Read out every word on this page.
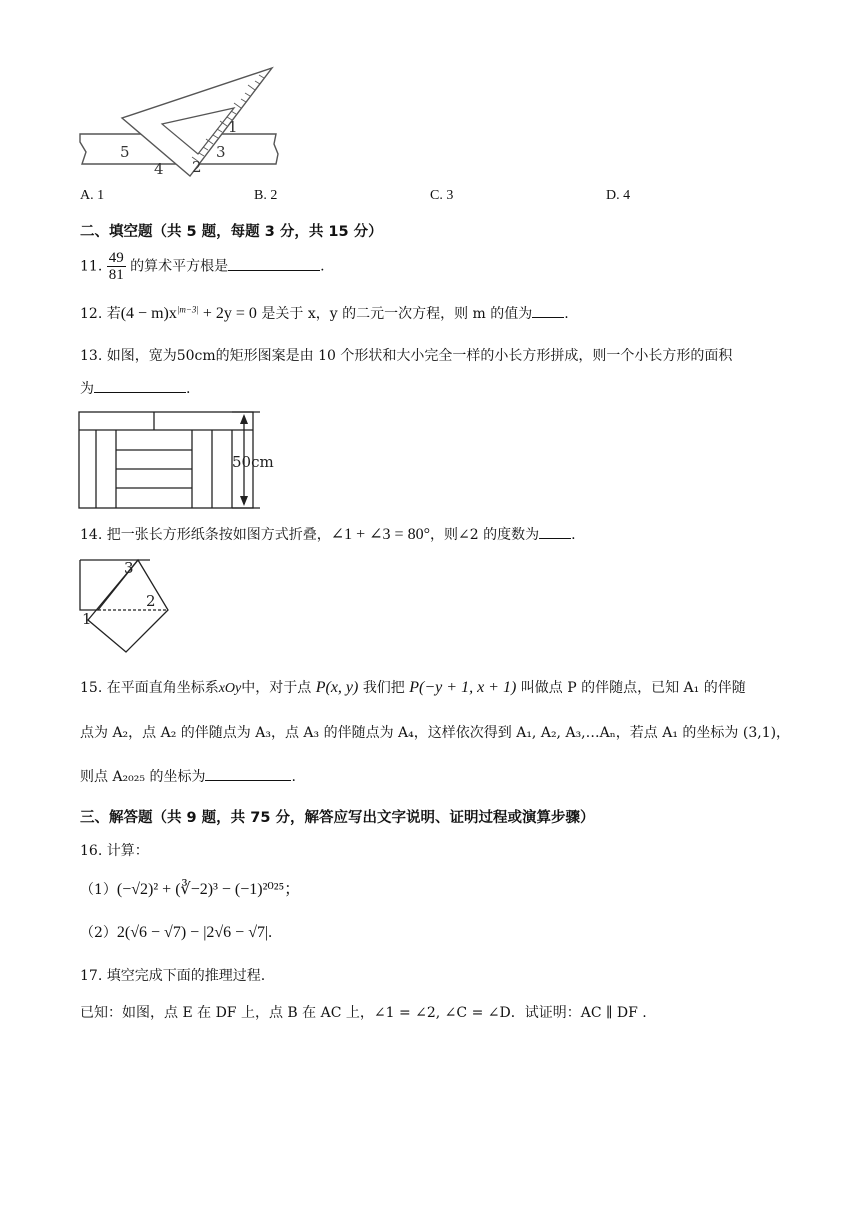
1
2
3
4
5
A. 1	B. 2	C. 3	D. 4
二、填空题（共 5 题，每题 3 分，共 15 分）
11. $\frac{49}{81}$ 的算术平方根是	.
12. 若$(4 - m)x^{|m-3|} + 2y = 0$ 是关于 x，y 的二元一次方程，则 m 的值为 .
13. 如图，宽为50cm的矩形图案是由 10 个形状和大小完全一样的小长方形拼成，则一个小长方形的面积
为	.
50cm
14. 把一张长方形纸条按如图方式折叠，∠1 + ∠3 = 80°，则∠2 的度数为 .
3
2
1
15. 在平面直角坐标系xOy中，对于点 P(x, y) 我们把 P(−y + 1, x + 1) 叫做点 P 的伴随点，已知 A₁ 的伴随
点为 A₂，点 A₂ 的伴随点为 A₃，点 A₃ 的伴随点为 A₄，这样依次得到 A₁, A₂, A₃,…Aₙ，若点 A₁ 的坐标为 (3,1)，
则点 A₂₀₂₅ 的坐标为	.
三、解答题（共 9 题，共 75 分，解答应写出文字说明、证明过程或演算步骤）
16. 计算：
（1）(−√2)² + (∛−2)³ − (−1)²⁰²⁵；
（2）2(√6 − √7) − |2√6 − √7|.
17. 填空完成下面的推理过程.
已知：如图，点 E 在 DF 上，点 B 在 AC 上，∠1 = ∠2, ∠C = ∠D．试证明：AC ∥ DF .
